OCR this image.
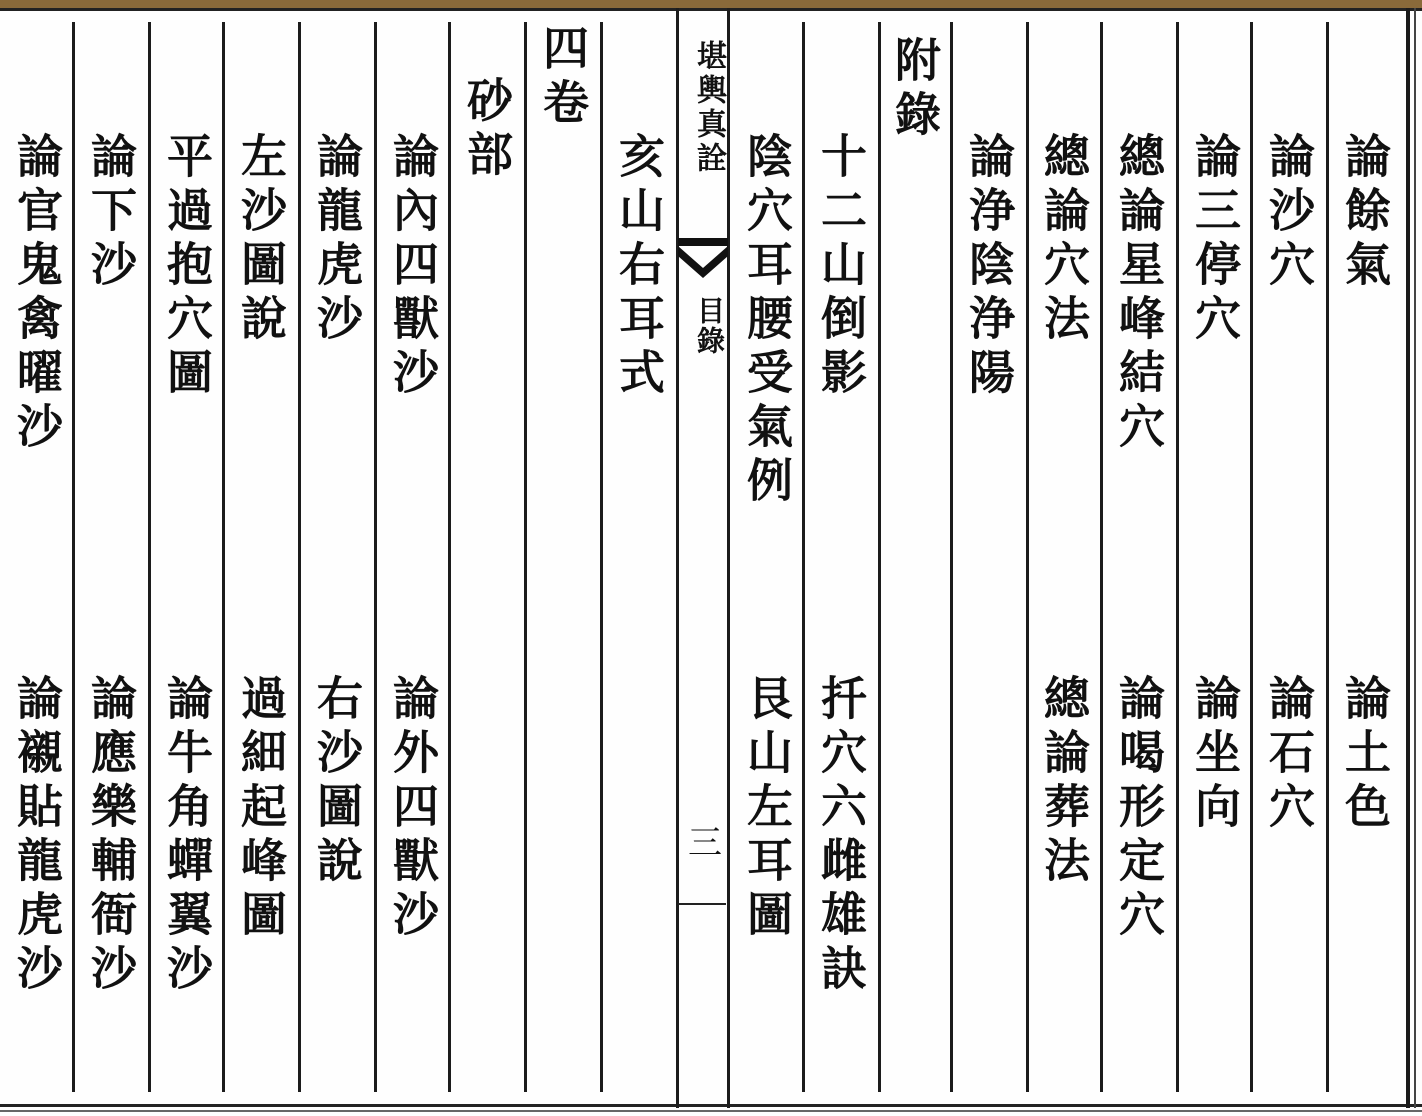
堪輿真詮
目錄
三
論餘氣
論土色
論沙穴
論石穴
論三停穴
論坐向
總論星峰結穴
論喝形定穴
總論穴法
總論葬法
論浄陰浄陽
附錄
十二山倒影
扦穴六雌雄訣
陰穴耳腰受氣例
艮山左耳圖
亥山右耳式
四卷
砂部
論內四獸沙
論外四獸沙
論龍虎沙
右沙圖說
左沙圖說
過細起峰圖
平過抱穴圖
論牛角蟬翼沙
論下沙
論應樂輔衙沙
論官鬼禽曜沙
論襯貼龍虎沙
